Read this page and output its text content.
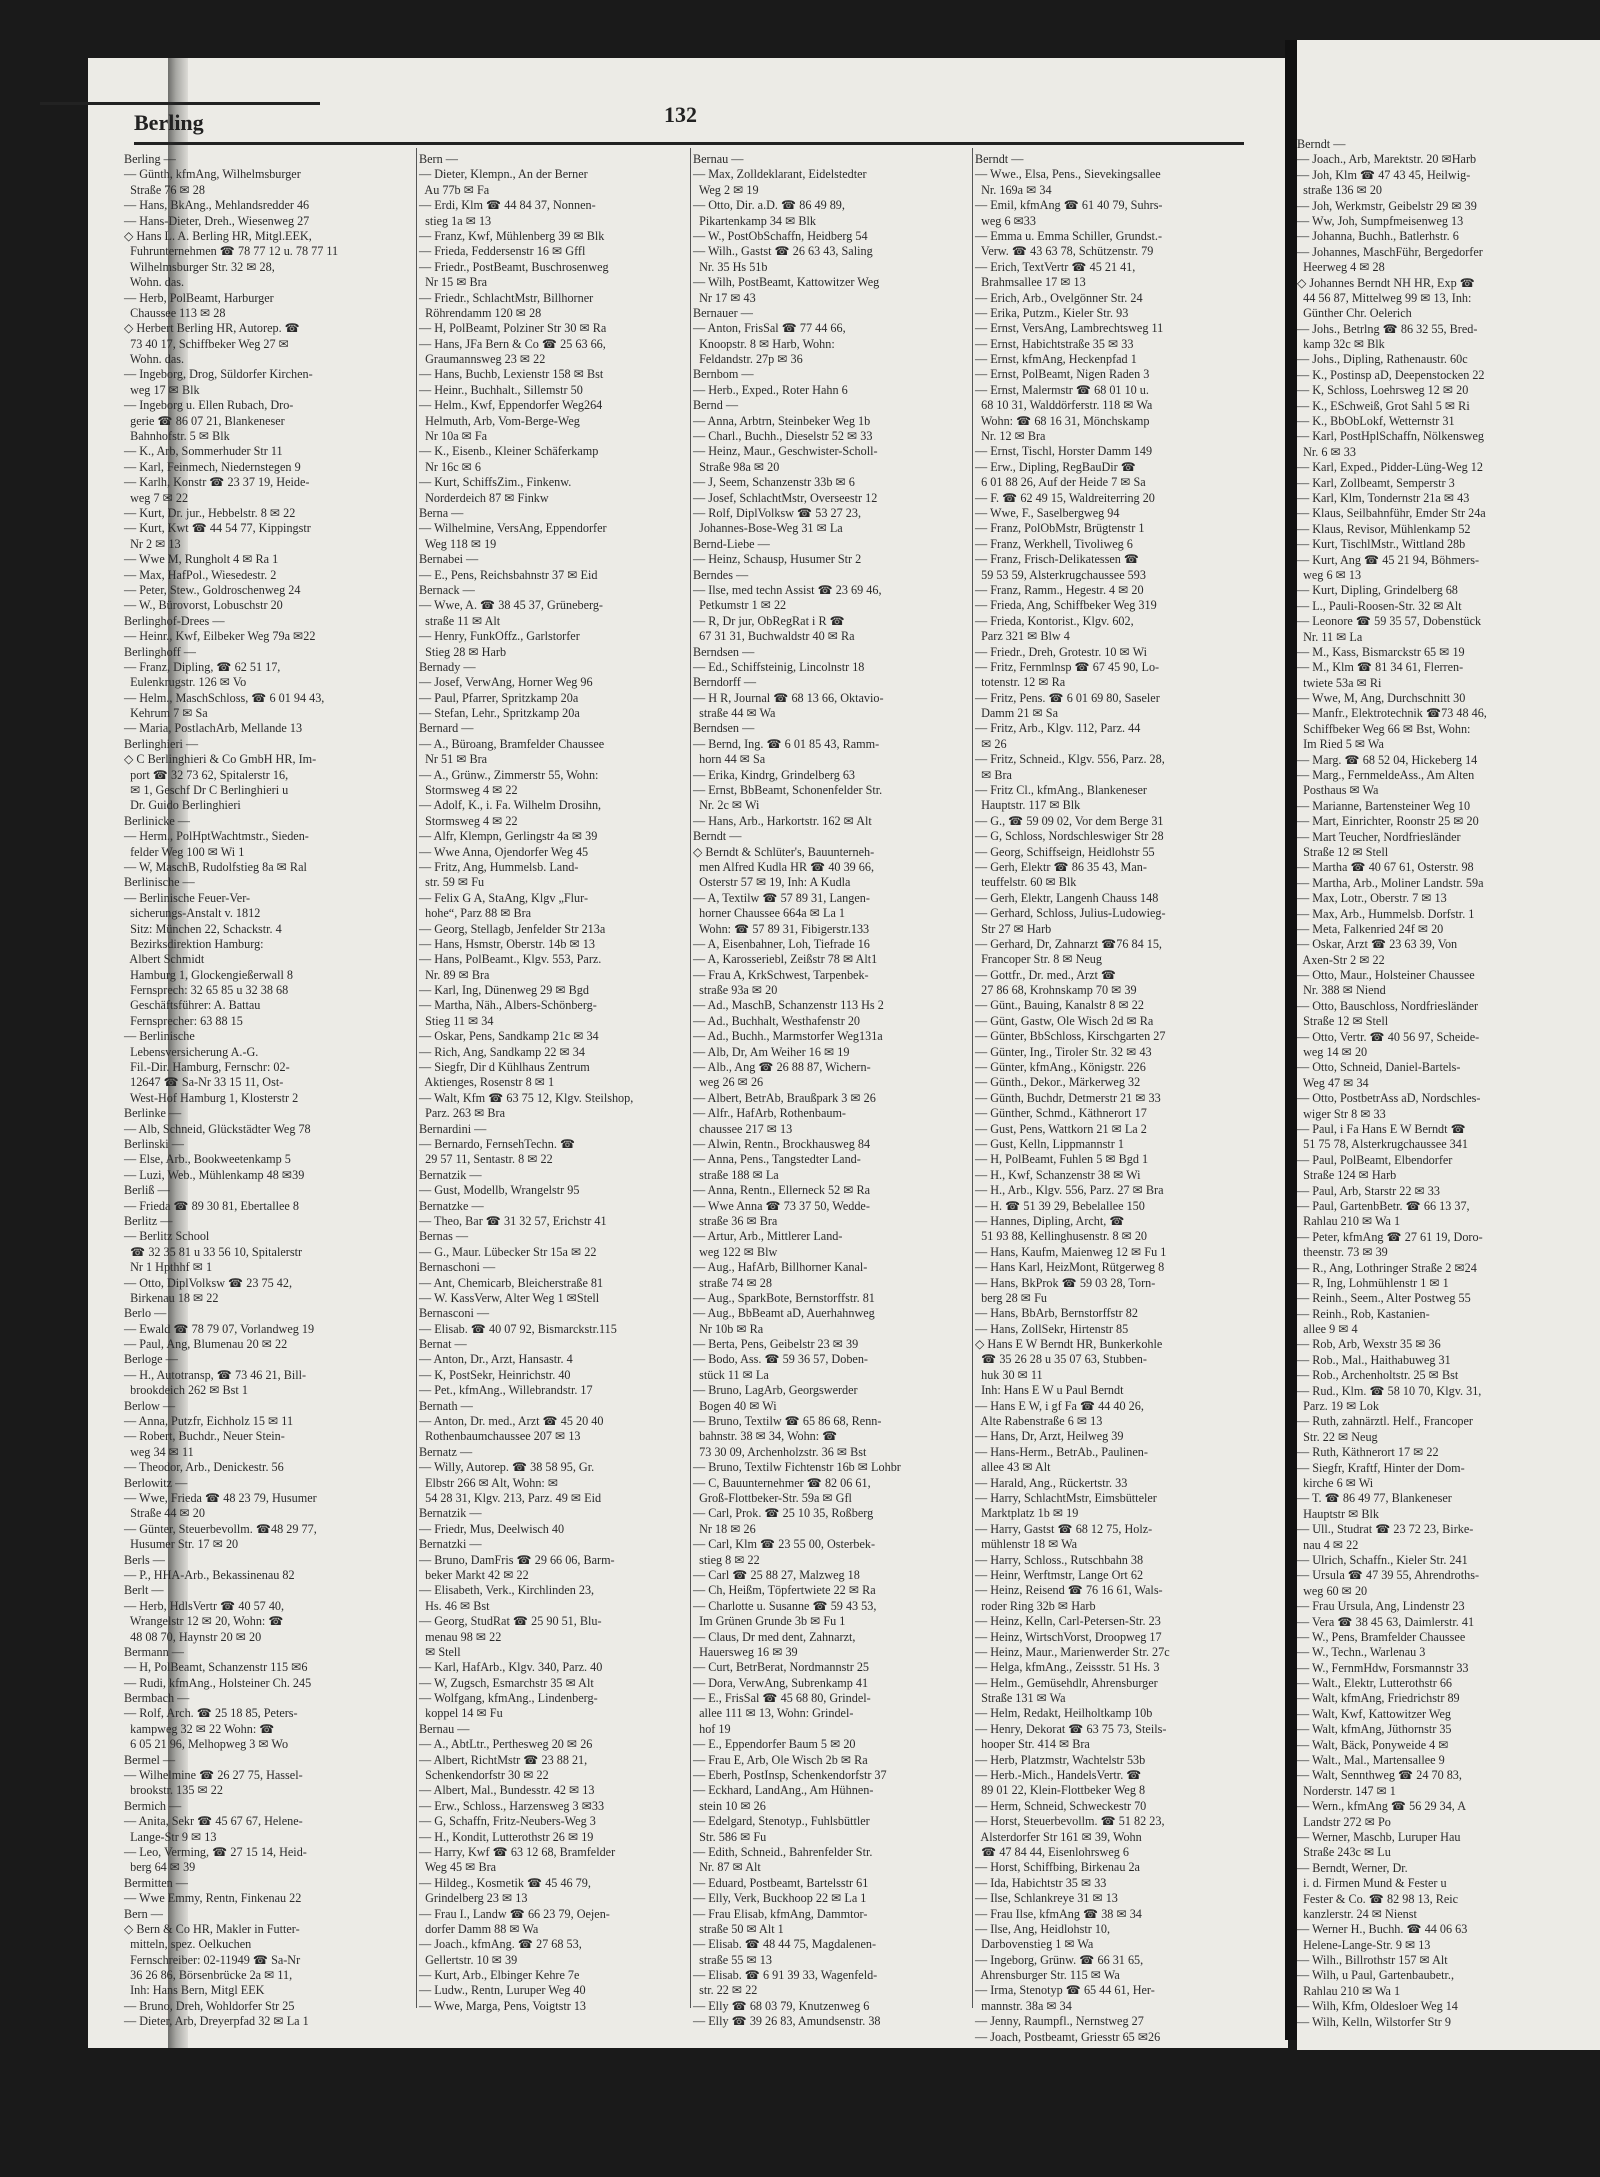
Berling	132
Berling —
— Günth, kfmAng, Wilhelmsburger
Straße 76 ✉ 28
— Hans, BkAng., Mehlandsredder 46
— Hans-Dieter, Dreh., Wiesenweg 27
◇ Hans L. A. Berling HR, Mitgl.EEK,
Fuhrunternehmen ☎ 78 77 12 u. 78 77 11
Wilhelmsburger Str. 32 ✉ 28,
Wohn. das.
— Herb, PolBeamt, Harburger
Chaussee 113 ✉ 28
◇ Herbert Berling HR, Autorep. ☎
73 40 17, Schiffbeker Weg 27 ✉
Wohn. das.
— Ingeborg, Drog, Süldorfer Kirchen-
weg 17 ✉ Blk
— Ingeborg u. Ellen Rubach, Dro-
gerie ☎ 86 07 21, Blankeneser
Bahnhofstr. 5 ✉ Blk
— K., Arb, Sommerhuder Str 11
— Karl, Feinmech, Niedernstegen 9
— Karlh, Konstr ☎ 23 37 19, Heide-
weg 7 ✉ 22
— Kurt, Dr. jur., Hebbelstr. 8 ✉ 22
— Kurt, Kwt ☎ 44 54 77, Kippingstr
Nr 2 ✉ 13
— Wwe M, Rungholt 4 ✉ Ra 1
— Max, HafPol., Wiesedestr. 2
— Peter, Stew., Goldroschenweg 24
— W., Bürovorst, Lobuschstr 20
Berlinghof-Drees —
— Heinr., Kwf, Eilbeker Weg 79a ✉22
Berlinghoff —
— Franz, Dipling, ☎ 62 51 17,
Eulenkrugstr. 126 ✉ Vo
— Helm., MaschSchloss, ☎ 6 01 94 43,
Kehrum 7 ✉ Sa
— Maria, PostlachArb, Mellande 13
Berlinghieri —
◇ C Berlinghieri & Co GmbH HR, Im-
port ☎ 32 73 62, Spitalerstr 16,
✉ 1, Geschf Dr C Berlinghieri u
Dr. Guido Berlinghieri
Berlinicke —
— Herm., PolHptWachtmstr., Sieden-
felder Weg 100 ✉ Wi 1
— W, MaschB, Rudolfstieg 8a ✉ Ral
Berlinische —
— Berlinische Feuer-Ver-
sicherungs-Anstalt v. 1812
Sitz: München 22, Schackstr. 4
Bezirksdirektion Hamburg:
Albert Schmidt
Hamburg 1, Glockengießerwall 8
Fernsprech: 32 65 85 u 32 38 68
Geschäftsführer: A. Battau
Fernsprecher: 63 88 15
— Berlinische
Lebensversicherung A.-G.
Fil.-Dir. Hamburg, Fernschr: 02-
12647 ☎ Sa-Nr 33 15 11, Ost-
West-Hof Hamburg 1, Klosterstr 2
Berlinke —
— Alb, Schneid, Glückstädter Weg 78
Berlinski —
— Else, Arb., Bookweetenkamp 5
— Luzi, Web., Mühlenkamp 48 ✉39
Berliß —
— Frieda ☎ 89 30 81, Ebertallee 8
Berlitz —
— Berlitz School
☎ 32 35 81 u 33 56 10, Spitalerstr
Nr 1 Hpthhf ✉ 1
— Otto, DiplVolksw ☎ 23 75 42,
Birkenau 18 ✉ 22
Berlo —
— Ewald ☎ 78 79 07, Vorlandweg 19
— Paul, Ang, Blumenau 20 ✉ 22
Berloge —
— H., Autotransp, ☎ 73 46 21, Bill-
brookdeich 262 ✉ Bst 1
Berlow —
— Anna, Putzfr, Eichholz 15 ✉ 11
— Robert, Buchdr., Neuer Stein-
weg 34 ✉ 11
— Theodor, Arb., Denickestr. 56
Berlowitz —
— Wwe, Frieda ☎ 48 23 79, Husumer
Straße 44 ✉ 20
— Günter, Steuerbevollm. ☎48 29 77,
Husumer Str. 17 ✉ 20
Berls —
— P., HHA-Arb., Bekassinenau 82
Berlt —
— Herb, HdlsVertr ☎ 40 57 40,
Wrangelstr 12 ✉ 20, Wohn: ☎
48 08 70, Haynstr 20 ✉ 20
Bermann —
— H, PolBeamt, Schanzenstr 115 ✉6
— Rudi, kfmAng., Holsteiner Ch. 245
Bermbach —
— Rolf, Arch. ☎ 25 18 85, Peters-
kampweg 32 ✉ 22 Wohn: ☎
6 05 21 96, Melhopweg 3 ✉ Wo
Bermel —
— Wilhelmine ☎ 26 27 75, Hassel-
brookstr. 135 ✉ 22
Bermich —
— Anita, Sekr ☎ 45 67 67, Helene-
Lange-Str 9 ✉ 13
— Leo, Verming, ☎ 27 15 14, Heid-
berg 64 ✉ 39
Bermitten —
— Wwe Emmy, Rentn, Finkenau 22
Bern —
◇ Bern & Co HR, Makler in Futter-
mitteln, spez. Oelkuchen
Fernschreiber: 02-11949 ☎ Sa-Nr
36 26 86, Börsenbrücke 2a ✉ 11,
Inh: Hans Bern, Mitgl EEK
— Bruno, Dreh, Wohldorfer Str 25
— Dieter, Arb, Dreyerpfad 32 ✉ La 1
Bern —
— Dieter, Klempn., An der Berner
Au 77b ✉ Fa
— Erdi, Klm ☎ 44 84 37, Nonnen-
stieg 1a ✉ 13
— Franz, Kwf, Mühlenberg 39 ✉ Blk
— Frieda, Feddersenstr 16 ✉ Gffl
— Friedr., PostBeamt, Buschrosenweg
Nr 15 ✉ Bra
— Friedr., SchlachtMstr, Billhorner
Röhrendamm 120 ✉ 28
— H, PolBeamt, Polziner Str 30 ✉ Ra
— Hans, JFa Bern & Co ☎ 25 63 66,
Graumannsweg 23 ✉ 22
— Hans, Buchb, Lexienstr 158 ✉ Bst
— Heinr., Buchhalt., Sillemstr 50
— Helm., Kwf, Eppendorfer Weg264
Helmuth, Arb, Vom-Berge-Weg
Nr 10a ✉ Fa
— K., Eisenb., Kleiner Schäferkamp
Nr 16c ✉ 6
— Kurt, SchiffsZim., Finkenw.
Norderdeich 87 ✉ Finkw
Berna —
— Wilhelmine, VersAng, Eppendorfer
Weg 118 ✉ 19
Bernabei —
— E., Pens, Reichsbahnstr 37 ✉ Eid
Bernack —
— Wwe, A. ☎ 38 45 37, Grüneberg-
straße 11 ✉ Alt
— Henry, FunkOffz., Garlstorfer
Stieg 28 ✉ Harb
Bernady —
— Josef, VerwAng, Horner Weg 96
— Paul, Pfarrer, Spritzkamp 20a
— Stefan, Lehr., Spritzkamp 20a
Bernard —
— A., Büroang, Bramfelder Chaussee
Nr 51 ✉ Bra
— A., Grünw., Zimmerstr 55, Wohn:
Stormsweg 4 ✉ 22
— Adolf, K., i. Fa. Wilhelm Drosihn,
Stormsweg 4 ✉ 22
— Alfr, Klempn, Gerlingstr 4a ✉ 39
— Wwe Anna, Ojendorfer Weg 45
— Fritz, Ang, Hummelsb. Land-
str. 59 ✉ Fu
— Felix G A, StaAng, Klgv „Flur-
hohe“, Parz 88 ✉ Bra
— Georg, Stellagb, Jenfelder Str 213a
— Hans, Hsmstr, Oberstr. 14b ✉ 13
— Hans, PolBeamt., Klgv. 553, Parz.
Nr. 89 ✉ Bra
— Karl, Ing, Dünenweg 29 ✉ Bgd
— Martha, Näh., Albers-Schönberg-
Stieg 11 ✉ 34
— Oskar, Pens, Sandkamp 21c ✉ 34
— Rich, Ang, Sandkamp 22 ✉ 34
— Siegfr, Dir d Kühlhaus Zentrum
Aktienges, Rosenstr 8 ✉ 1
— Walt, Kfm ☎ 63 75 12, Klgv. Steilshop,
Parz. 263 ✉ Bra
Bernardini —
— Bernardo, FernsehTechn. ☎
29 57 11, Sentastr. 8 ✉ 22
Bernatzik —
— Gust, Modellb, Wrangelstr 95
Bernatzke —
— Theo, Bar ☎ 31 32 57, Erichstr 41
Bernas —
— G., Maur. Lübecker Str 15a ✉ 22
Bernaschoni —
— Ant, Chemicarb, Bleicherstraße 81
— W. KassVerw, Alter Weg 1 ✉Stell
Bernasconi —
— Elisab. ☎ 40 07 92, Bismarckstr.115
Bernat —
— Anton, Dr., Arzt, Hansastr. 4
— K, PostSekr, Heinrichstr. 40
— Pet., kfmAng., Willebrandstr. 17
Bernath —
— Anton, Dr. med., Arzt ☎ 45 20 40
Rothenbaumchaussee 207 ✉ 13
Bernatz —
— Willy, Autorep. ☎ 38 58 95, Gr.
Elbstr 266 ✉ Alt, Wohn: ✉
54 28 31, Klgv. 213, Parz. 49 ✉ Eid
Bernatzik —
— Friedr, Mus, Deelwisch 40
Bernatzki —
— Bruno, DamFris ☎ 29 66 06, Barm-
beker Markt 42 ✉ 22
— Elisabeth, Verk., Kirchlinden 23,
Hs. 46 ✉ Bst
— Georg, StudRat ☎ 25 90 51, Blu-
menau 98 ✉ 22
✉ Stell
— Karl, HafArb., Klgv. 340, Parz. 40
— W, Zugsch, Esmarchstr 35 ✉ Alt
— Wolfgang, kfmAng., Lindenberg-
koppel 14 ✉ Fu
Bernau —
— A., AbtLtr., Perthesweg 20 ✉ 26
— Albert, RichtMstr ☎ 23 88 21,
Schenkendorfstr 30 ✉ 22
— Albert, Mal., Bundesstr. 42 ✉ 13
— Erw., Schloss., Harzensweg 3 ✉33
— G, Schaffn, Fritz-Neubers-Weg 3
— H., Kondit, Lutterothstr 26 ✉ 19
— Harry, Kwf ☎ 63 12 68, Bramfelder
Weg 45 ✉ Bra
— Hildeg., Kosmetik ☎ 45 46 79,
Grindelberg 23 ✉ 13
— Frau I., Landw ☎ 66 23 79, Oejen-
dorfer Damm 88 ✉ Wa
— Joach., kfmAng. ☎ 27 68 53,
Gellertstr. 10 ✉ 39
— Kurt, Arb., Elbinger Kehre 7e
— Ludw., Rentn, Luruper Weg 40
— Wwe, Marga, Pens, Voigtstr 13
Bernau —
— Max, Zolldeklarant, Eidelstedter
Weg 2 ✉ 19
— Otto, Dir. a.D. ☎ 86 49 89,
Pikartenkamp 34 ✉ Blk
— W., PostObSchaffn, Heidberg 54
— Wilh., Gastst ☎ 26 63 43, Saling
Nr. 35 Hs 51b
— Wilh, PostBeamt, Kattowitzer Weg
Nr 17 ✉ 43
Bernauer —
— Anton, FrisSal ☎ 77 44 66,
Knoopstr. 8 ✉ Harb, Wohn:
Feldandstr. 27p ✉ 36
Bernbom —
— Herb., Exped., Roter Hahn 6
Bernd —
— Anna, Arbtrn, Steinbeker Weg 1b
— Charl., Buchh., Dieselstr 52 ✉ 33
— Heinz, Maur., Geschwister-Scholl-
Straße 98a ✉ 20
— J, Seem, Schanzenstr 33b ✉ 6
— Josef, SchlachtMstr, Overseestr 12
— Rolf, DiplVolksw ☎ 53 27 23,
Johannes-Bose-Weg 31 ✉ La
Bernd-Liebe —
— Heinz, Schausp, Husumer Str 2
Berndes —
— Ilse, med techn Assist ☎ 23 69 46,
Petkumstr 1 ✉ 22
— R, Dr jur, ObRegRat i R ☎
67 31 31, Buchwaldstr 40 ✉ Ra
Berndsen —
— Ed., Schiffsteinig, Lincolnstr 18
Berndorff —
— H R, Journal ☎ 68 13 66, Oktavio-
straße 44 ✉ Wa
Berndsen —
— Bernd, Ing. ☎ 6 01 85 43, Ramm-
horn 44 ✉ Sa
— Erika, Kindrg, Grindelberg 63
— Ernst, BbBeamt, Schonenfelder Str.
Nr. 2c ✉ Wi
— Hans, Arb., Harkortstr. 162 ✉ Alt
Berndt —
◇ Berndt & Schlüter's, Bauunterneh-
men Alfred Kudla HR ☎ 40 39 66,
Osterstr 57 ✉ 19, Inh: A Kudla
— A, Textilw ☎ 57 89 31, Langen-
horner Chaussee 664a ✉ La 1
Wohn: ☎ 57 89 31, Fibigerstr.133
— A, Eisenbahner, Loh, Tiefrade 16
— A, Karosseriebl, Zeißstr 78 ✉ Alt1
— Frau A, KrkSchwest, Tarpenbek-
straße 93a ✉ 20
— Ad., MaschB, Schanzenstr 113 Hs 2
— Ad., Buchhalt, Westhafenstr 20
— Ad., Buchh., Marmstorfer Weg131a
— Alb, Dr, Am Weiher 16 ✉ 19
— Alb., Ang ☎ 26 88 87, Wichern-
weg 26 ✉ 26
— Albert, BetrAb, Braußpark 3 ✉ 26
— Alfr., HafArb, Rothenbaum-
chaussee 217 ✉ 13
— Alwin, Rentn., Brockhausweg 84
— Anna, Pens., Tangstedter Land-
straße 188 ✉ La
— Anna, Rentn., Ellerneck 52 ✉ Ra
— Wwe Anna ☎ 73 37 50, Wedde-
straße 36 ✉ Bra
— Artur, Arb., Mittlerer Land-
weg 122 ✉ Blw
— Aug., HafArb, Billhorner Kanal-
straße 74 ✉ 28
— Aug., SparkBote, Bernstorffstr. 81
— Aug., BbBeamt aD, Auerhahnweg
Nr 10b ✉ Ra
— Berta, Pens, Geibelstr 23 ✉ 39
— Bodo, Ass. ☎ 59 36 57, Doben-
stück 11 ✉ La
— Bruno, LagArb, Georgswerder
Bogen 40 ✉ Wi
— Bruno, Textilw ☎ 65 86 68, Renn-
bahnstr. 38 ✉ 34, Wohn: ☎
73 30 09, Archenholzstr. 36 ✉ Bst
— Bruno, Textilw Fichtenstr 16b ✉ Lohbr
— C, Bauunternehmer ☎ 82 06 61,
Groß-Flottbeker-Str. 59a ✉ Gfl
— Carl, Prok. ☎ 25 10 35, Roßberg
Nr 18 ✉ 26
— Carl, Klm ☎ 23 55 00, Osterbek-
stieg 8 ✉ 22
— Carl ☎ 25 88 27, Malzweg 18
— Ch, Heißm, Töpfertwiete 22 ✉ Ra
— Charlotte u. Susanne ☎ 59 43 53,
Im Grünen Grunde 3b ✉ Fu 1
— Claus, Dr med dent, Zahnarzt,
Hauersweg 16 ✉ 39
— Curt, BetrBerat, Nordmannstr 25
— Dora, VerwAng, Subrenkamp 41
— E., FrisSal ☎ 45 68 80, Grindel-
allee 111 ✉ 13, Wohn: Grindel-
hof 19
— E., Eppendorfer Baum 5 ✉ 20
— Frau E, Arb, Ole Wisch 2b ✉ Ra
— Eberh, PostInsp, Schenkendorfstr 37
— Eckhard, LandAng., Am Hühnen-
stein 10 ✉ 26
— Edelgard, Stenotyp., Fuhlsbüttler
Str. 586 ✉ Fu
— Edith, Schneid., Bahrenfelder Str.
Nr. 87 ✉ Alt
— Eduard, Postbeamt, Bartelsstr 61
— Elly, Verk, Buckhoop 22 ✉ La 1
— Frau Elisab, kfmAng, Dammtor-
straße 50 ✉ Alt 1
— Elisab. ☎ 48 44 75, Magdalenen-
straße 55 ✉ 13
— Elisab. ☎ 6 91 39 33, Wagenfeld-
str. 22 ✉ 22
— Elly ☎ 68 03 79, Knutzenweg 6
— Elly ☎ 39 26 83, Amundsenstr. 38
Berndt —
— Wwe., Elsa, Pens., Sievekingsallee
Nr. 169a ✉ 34
— Emil, kfmAng ☎ 61 40 79, Suhrs-
weg 6 ✉33
— Emma u. Emma Schiller, Grundst.-
Verw. ☎ 43 63 78, Schützenstr. 79
— Erich, TextVertr ☎ 45 21 41,
Brahmsallee 17 ✉ 13
— Erich, Arb., Ovelgönner Str. 24
— Erika, Putzm., Kieler Str. 93
— Ernst, VersAng, Lambrechtsweg 11
— Ernst, Habichtstraße 35 ✉ 33
— Ernst, kfmAng, Heckenpfad 1
— Ernst, PolBeamt, Nigen Raden 3
— Ernst, Malermstr ☎ 68 01 10 u.
68 10 31, Walddörferstr. 118 ✉ Wa
Wohn: ☎ 68 16 31, Mönchskamp
Nr. 12 ✉ Bra
— Ernst, Tischl, Horster Damm 149
— Erw., Dipling, RegBauDir ☎
6 01 88 26, Auf der Heide 7 ✉ Sa
— F. ☎ 62 49 15, Waldreiterring 20
— Wwe, F., Saselbergweg 94
— Franz, PolObMstr, Brügtenstr 1
— Franz, Werkhell, Tivoliweg 6
— Franz, Frisch-Delikatessen ☎
59 53 59, Alsterkrugchaussee 593
— Franz, Ramm., Hegestr. 4 ✉ 20
— Frieda, Ang, Schiffbeker Weg 319
— Frieda, Kontorist., Klgv. 602,
Parz 321 ✉ Blw 4
— Friedr., Dreh, Grotestr. 10 ✉ Wi
— Fritz, Fernmlnsp ☎ 67 45 90, Lo-
totenstr. 12 ✉ Ra
— Fritz, Pens. ☎ 6 01 69 80, Saseler
Damm 21 ✉ Sa
— Fritz, Arb., Klgv. 112, Parz. 44
✉ 26
— Fritz, Schneid., Klgv. 556, Parz. 28,
✉ Bra
— Fritz Cl., kfmAng., Blankeneser
Hauptstr. 117 ✉ Blk
— G., ☎ 59 09 02, Vor dem Berge 31
— G, Schloss, Nordschleswiger Str 28
— Georg, Schiffseign, Heidlohstr 55
— Gerh, Elektr ☎ 86 35 43, Man-
teuffelstr. 60 ✉ Blk
— Gerh, Elektr, Langenh Chauss 148
— Gerhard, Schloss, Julius-Ludowieg-
Str 27 ✉ Harb
— Gerhard, Dr, Zahnarzt ☎76 84 15,
Francoper Str. 8 ✉ Neug
— Gottfr., Dr. med., Arzt ☎
27 86 68, Krohnskamp 70 ✉ 39
— Günt., Bauing, Kanalstr 8 ✉ 22
— Günt, Gastw, Ole Wisch 2d ✉ Ra
— Günter, BbSchloss, Kirschgarten 27
— Günter, Ing., Tiroler Str. 32 ✉ 43
— Günter, kfmAng., Königstr. 226
— Günth., Dekor., Märkerweg 32
— Günth, Buchdr, Detmerstr 21 ✉ 33
— Günther, Schmd., Käthnerort 17
— Gust, Pens, Wattkorn 21 ✉ La 2
— Gust, Kelln, Lippmannstr 1
— H, PolBeamt, Fuhlen 5 ✉ Bgd 1
— H., Kwf, Schanzenstr 38 ✉ Wi
— H., Arb., Klgv. 556, Parz. 27 ✉ Bra
— H. ☎ 51 39 29, Bebelallee 150
— Hannes, Dipling, Archt, ☎
51 93 88, Kellinghusenstr. 8 ✉ 20
— Hans, Kaufm, Maienweg 12 ✉ Fu 1
— Hans Karl, HeizMont, Rütgerweg 8
— Hans, BkProk ☎ 59 03 28, Torn-
berg 28 ✉ Fu
— Hans, BbArb, Bernstorffstr 82
— Hans, ZollSekr, Hirtenstr 85
◇ Hans E W Berndt HR, Bunkerkohle
☎ 35 26 28 u 35 07 63, Stubben-
huk 30 ✉ 11
Inh: Hans E W u Paul Berndt
— Hans E W, i gf Fa ☎ 44 40 26,
Alte Rabenstraße 6 ✉ 13
— Hans, Dr, Arzt, Heilweg 39
— Hans-Herm., BetrAb., Paulinen-
allee 43 ✉ Alt
— Harald, Ang., Rückertstr. 33
— Harry, SchlachtMstr, Eimsbütteler
Marktplatz 1b ✉ 19
— Harry, Gastst ☎ 68 12 75, Holz-
mühlenstr 18 ✉ Wa
— Harry, Schloss., Rutschbahn 38
— Heinr, Werftmstr, Lange Ort 62
— Heinz, Reisend ☎ 76 16 61, Wals-
roder Ring 32b ✉ Harb
— Heinz, Kelln, Carl-Petersen-Str. 23
— Heinz, WirtschVorst, Droopweg 17
— Heinz, Maur., Marienwerder Str. 27c
— Helga, kfmAng., Zeissstr. 51 Hs. 3
— Helm., Gemüsehdlr, Ahrensburger
Straße 131 ✉ Wa
— Helm, Redakt, Heilholtkamp 10b
— Henry, Dekorat ☎ 63 75 73, Steils-
hooper Str. 414 ✉ Bra
— Herb, Platzmstr, Wachtelstr 53b
— Herb.-Mich., HandelsVertr. ☎
89 01 22, Klein-Flottbeker Weg 8
— Herm, Schneid, Schweckestr 70
— Horst, Steuerbevollm. ☎ 51 82 23,
Alsterdorfer Str 161 ✉ 39, Wohn
☎ 47 84 44, Eisenlohrsweg 6
— Horst, Schiffbing, Birkenau 2a
— Ida, Habichtstr 35 ✉ 33
— Ilse, Schlankreye 31 ✉ 13
— Frau Ilse, kfmAng ☎ 38 ✉ 34
— Ilse, Ang, Heidlohstr 10,
Darbovenstieg 1 ✉ Wa
— Ingeborg, Grünw. ☎ 66 31 65,
Ahrensburger Str. 115 ✉ Wa
— Irma, Stenotyp ☎ 65 44 61, Her-
mannstr. 38a ✉ 34
— Jenny, Raumpfl., Nernstweg 27
— Joach, Postbeamt, Griesstr 65 ✉26
Berndt —
— Joach., Arb, Marektstr. 20 ✉Harb
— Joh, Klm ☎ 47 43 45, Heilwig-
straße 136 ✉ 20
— Joh, Werkmstr, Geibelstr 29 ✉ 39
— Ww, Joh, Sumpfmeisenweg 13
— Johanna, Buchh., Batlerhstr. 6
— Johannes, MaschFühr, Bergedorfer
Heerweg 4 ✉ 28
◇ Johannes Berndt NH HR, Exp ☎
44 56 87, Mittelweg 99 ✉ 13, Inh:
Günther Chr. Oelerich
— Johs., Betrlng ☎ 86 32 55, Bred-
kamp 32c ✉ Blk
— Johs., Dipling, Rathenaustr. 60c
— K., Postinsp aD, Deepenstocken 22
— K, Schloss, Loehrsweg 12 ✉ 20
— K., ESchweiß, Grot Sahl 5 ✉ Ri
— K., BbObLokf, Wetternstr 31
— Karl, PostHplSchaffn, Nölkensweg
Nr. 6 ✉ 33
— Karl, Exped., Pidder-Lüng-Weg 12
— Karl, Zollbeamt, Semperstr 3
— Karl, Klm, Tondernstr 21a ✉ 43
— Klaus, Seilbahnführ, Emder Str 24a
— Klaus, Revisor, Mühlenkamp 52
— Kurt, TischlMstr., Wittland 28b
— Kurt, Ang ☎ 45 21 94, Böhmers-
weg 6 ✉ 13
— Kurt, Dipling, Grindelberg 68
— L., Pauli-Roosen-Str. 32 ✉ Alt
— Leonore ☎ 59 35 57, Dobenstück
Nr. 11 ✉ La
— M., Kass, Bismarckstr 65 ✉ 19
— M., Klm ☎ 81 34 61, Flerren-
twiete 53a ✉ Ri
— Wwe, M, Ang, Durchschnitt 30
— Manfr., Elektrotechnik ☎73 48 46,
Schiffbeker Weg 66 ✉ Bst, Wohn:
Im Ried 5 ✉ Wa
— Marg. ☎ 68 52 04, Hickeberg 14
— Marg., FernmeldeAss., Am Alten
Posthaus ✉ Wa
— Marianne, Bartensteiner Weg 10
— Mart, Einrichter, Roonstr 25 ✉ 20
— Mart Teucher, Nordfriesländer
Straße 12 ✉ Stell
— Martha ☎ 40 67 61, Osterstr. 98
— Martha, Arb., Moliner Landstr. 59a
— Max, Lotr., Oberstr. 7 ✉ 13
— Max, Arb., Hummelsb. Dorfstr. 1
— Meta, Falkenried 24f ✉ 20
— Oskar, Arzt ☎ 23 63 39, Von
Axen-Str 2 ✉ 22
— Otto, Maur., Holsteiner Chaussee
Nr. 388 ✉ Niend
— Otto, Bauschloss, Nordfriesländer
Straße 12 ✉ Stell
— Otto, Vertr. ☎ 40 56 97, Scheide-
weg 14 ✉ 20
— Otto, Schneid, Daniel-Bartels-
Weg 47 ✉ 34
— Otto, PostbetrAss aD, Nordschles-
wiger Str 8 ✉ 33
— Paul, i Fa Hans E W Berndt ☎
51 75 78, Alsterkrugchaussee 341
— Paul, PolBeamt, Elbendorfer
Straße 124 ✉ Harb
— Paul, Arb, Starstr 22 ✉ 33
— Paul, GartenbBetr. ☎ 66 13 37,
Rahlau 210 ✉ Wa 1
— Peter, kfmAng ☎ 27 61 19, Doro-
theenstr. 73 ✉ 39
— R., Ang, Lothringer Straße 2 ✉24
— R, Ing, Lohmühlenstr 1 ✉ 1
— Reinh., Seem., Alter Postweg 55
— Reinh., Rob, Kastanien-
allee 9 ✉ 4
— Rob, Arb, Wexstr 35 ✉ 36
— Rob., Mal., Haithabuweg 31
— Rob., Archenholtstr. 25 ✉ Bst
— Rud., Klm. ☎ 58 10 70, Klgv. 31,
Parz. 19 ✉ Lok
— Ruth, zahnärztl. Helf., Francoper
Str. 22 ✉ Neug
— Ruth, Käthnerort 17 ✉ 22
— Siegfr, Kraftf, Hinter der Dom-
kirche 6 ✉ Wi
— T. ☎ 86 49 77, Blankeneser
Hauptstr ✉ Blk
— Ull., Studrat ☎ 23 72 23, Birke-
nau 4 ✉ 22
— Ulrich, Schaffn., Kieler Str. 241
— Ursula ☎ 47 39 55, Ahrendroths-
weg 60 ✉ 20
— Frau Ursula, Ang, Lindenstr 23
— Vera ☎ 38 45 63, Daimlerstr. 41
— W., Pens, Bramfelder Chaussee
— W., Techn., Warlenau 3
— W., FernmHdw, Forsmannstr 33
— Walt., Elektr, Lutterothstr 66
— Walt, kfmAng, Friedrichstr 89
— Walt, Kwf, Kattowitzer Weg
— Walt, kfmAng, Jüthornstr 35
— Walt, Bäck, Ponyweide 4 ✉
— Walt., Mal., Martensallee 9
— Walt, Sennthweg ☎ 24 70 83,
Norderstr. 147 ✉ 1
— Wern., kfmAng ☎ 56 29 34, A
Landstr 272 ✉ Po
— Werner, Maschb, Luruper Hau
Straße 243c ✉ Lu
— Berndt, Werner, Dr.
i. d. Firmen Mund & Fester u
Fester & Co. ☎ 82 98 13, Reic
kanzlerstr. 24 ✉ Nienst
— Werner H., Buchh. ☎ 44 06 63
Helene-Lange-Str. 9 ✉ 13
— Wilh., Billrothstr 157 ✉ Alt
— Wilh, u Paul, Gartenbaubetr.,
Rahlau 210 ✉ Wa 1
— Wilh, Kfm, Oldesloer Weg 14
— Wilh, Kelln, Wilstorfer Str 9
